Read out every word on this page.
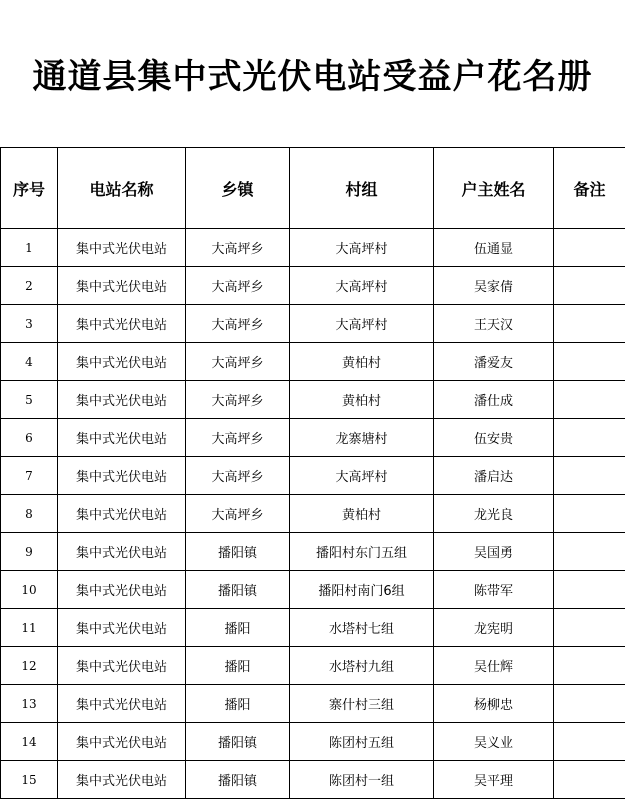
通道县集中式光伏电站受益户花名册
序号	电站名称	乡镇	村组	户主姓名	备注
1	集中式光伏电站	大高坪乡	大高坪村	伍通显	
2	集中式光伏电站	大高坪乡	大高坪村	吴家倩	
3	集中式光伏电站	大高坪乡	大高坪村	王天汉	
4	集中式光伏电站	大高坪乡	黄柏村	潘爱友	
5	集中式光伏电站	大高坪乡	黄柏村	潘仕成	
6	集中式光伏电站	大高坪乡	龙寨塘村	伍安贵	
7	集中式光伏电站	大高坪乡	大高坪村	潘启达	
8	集中式光伏电站	大高坪乡	黄柏村	龙光良	
9	集中式光伏电站	播阳镇	播阳村东门五组	吴国勇	
10	集中式光伏电站	播阳镇	播阳村南门6组	陈带军	
11	集中式光伏电站	播阳	水塔村七组	龙宪明	
12	集中式光伏电站	播阳	水塔村九组	吴仕辉	
13	集中式光伏电站	播阳	寨什村三组	杨柳忠	
14	集中式光伏电站	播阳镇	陈团村五组	吴义业	
15	集中式光伏电站	播阳镇	陈团村一组	吴平理	
